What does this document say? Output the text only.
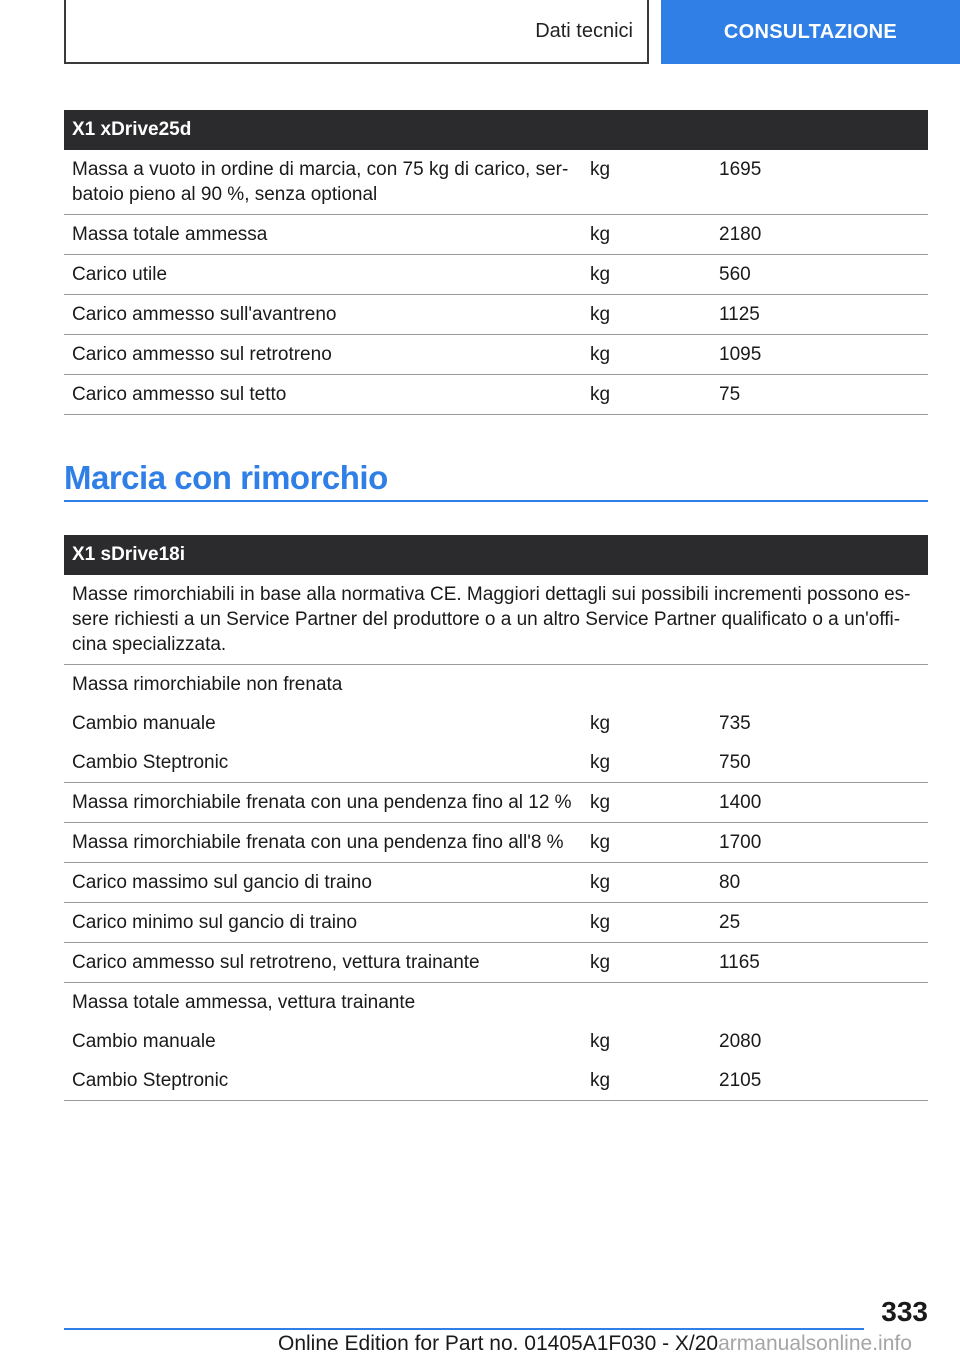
Dati tecnici	CONSULTAZIONE
X1 xDrive25d		
Massa a vuoto in ordine di marcia, con 75 kg di carico, ser- batoio pieno al 90 %, senza optional	kg	1695
Massa totale ammessa	kg	2180
Carico utile	kg	560
Carico ammesso sull'avantreno	kg	1125
Carico ammesso sul retrotreno	kg	1095
Carico ammesso sul tetto	kg	75
Marcia con rimorchio
X1 sDrive18i		
Masse rimorchiabili in base alla normativa CE. Maggiori dettagli sui possibili incrementi possono es- sere richiesti a un Service Partner del produttore o a un altro Service Partner qualificato o a un'offi- cina specializzata.		
Massa rimorchiabile non frenata		
Cambio manuale	kg	735
Cambio Steptronic	kg	750
Massa rimorchiabile frenata con una pendenza fino al 12 %	kg	1400
Massa rimorchiabile frenata con una pendenza fino all'8 %	kg	1700
Carico massimo sul gancio di traino	kg	80
Carico minimo sul gancio di traino	kg	25
Carico ammesso sul retrotreno, vettura trainante	kg	1165
Massa totale ammessa, vettura trainante		
Cambio manuale	kg	2080
Cambio Steptronic	kg	2105
333
Online Edition for Part no. 01405A1F030 - X/20armanualsonline.info
